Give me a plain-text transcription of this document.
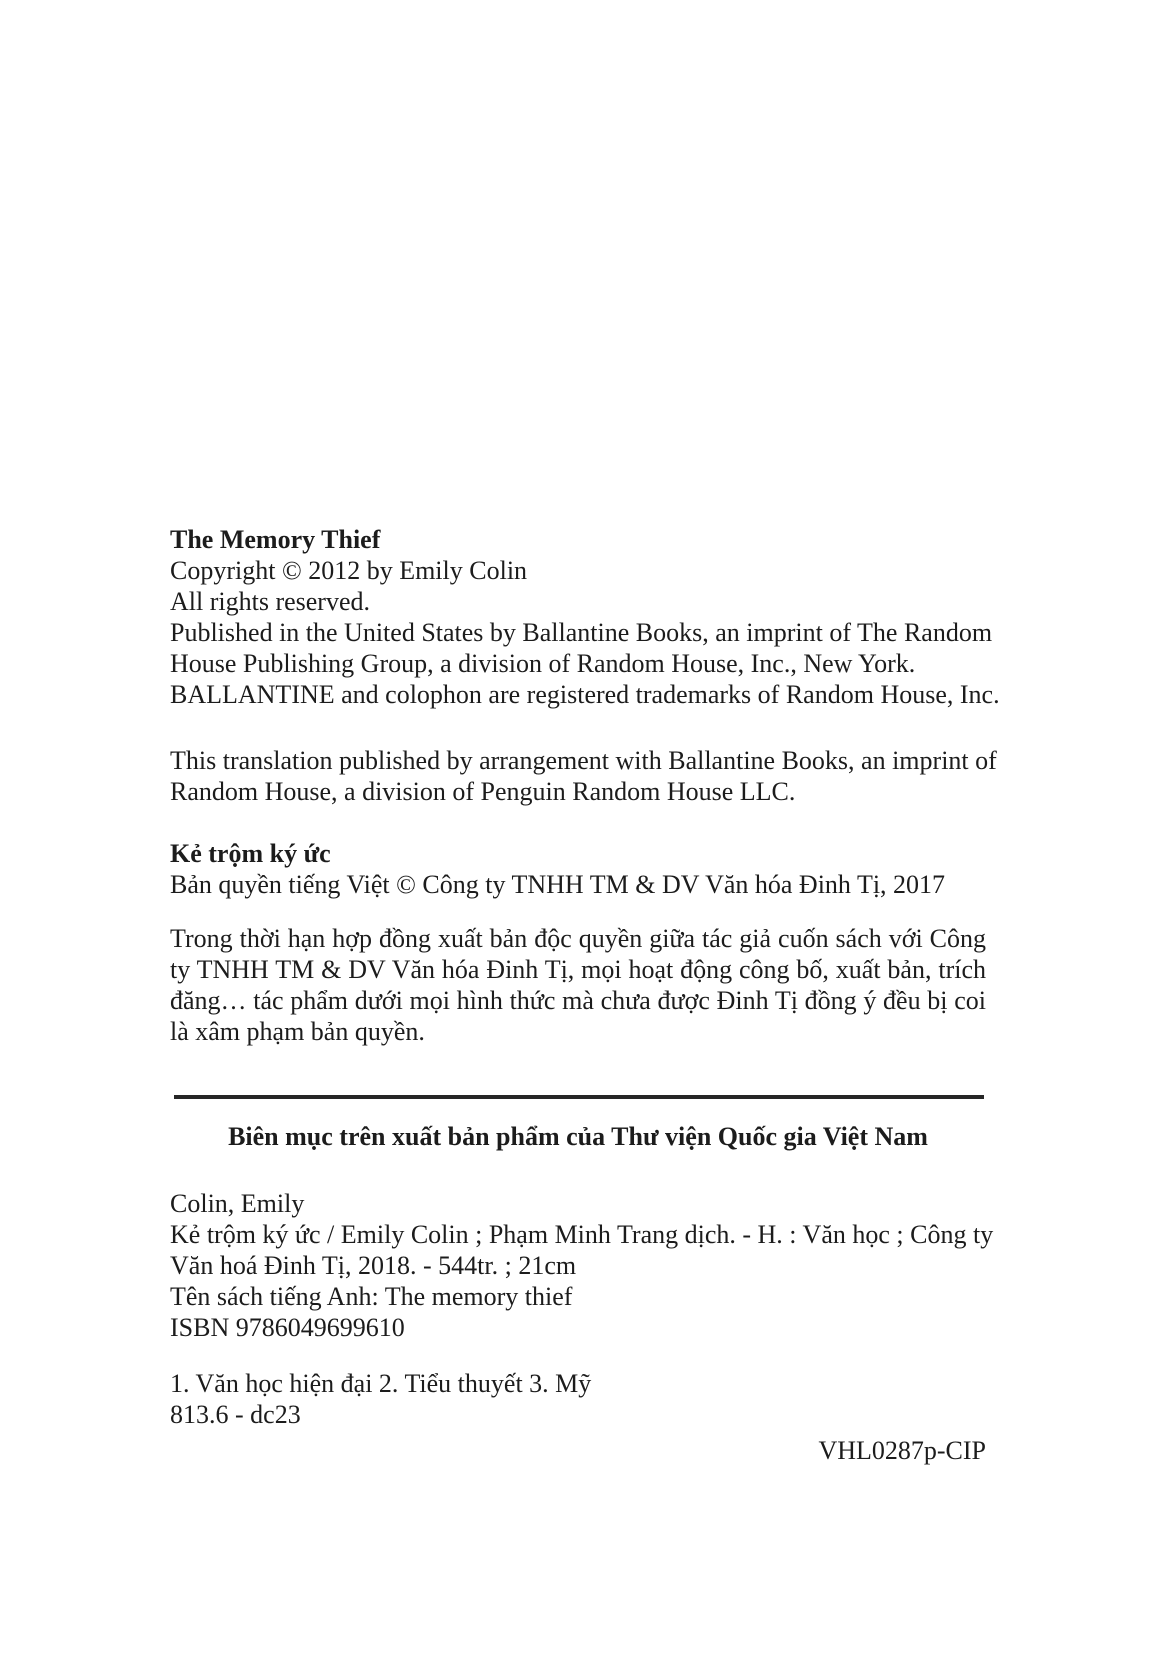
The Memory Thief
Copyright © 2012 by Emily Colin
All rights reserved.
Published in the United States by Ballantine Books, an imprint of The Random
House Publishing Group, a division of Random House, Inc., New York.
BALLANTINE and colophon are registered trademarks of Random House, Inc.
This translation published by arrangement with Ballantine Books, an imprint of
Random House, a division of Penguin Random House LLC.
Kẻ trộm ký ức
Bản quyền tiếng Việt © Công ty TNHH TM & DV Văn hóa Đinh Tị, 2017
Trong thời hạn hợp đồng xuất bản độc quyền giữa tác giả cuốn sách với Công
ty TNHH TM & DV Văn hóa Đinh Tị, mọi hoạt động công bố, xuất bản, trích
đăng… tác phẩm dưới mọi hình thức mà chưa được Đinh Tị đồng ý đều bị coi
là xâm phạm bản quyền.
Biên mục trên xuất bản phẩm của Thư viện Quốc gia Việt Nam
Colin, Emily
Kẻ trộm ký ức / Emily Colin ; Phạm Minh Trang dịch. - H. : Văn học ; Công ty
Văn hoá Đinh Tị, 2018. - 544tr. ; 21cm
Tên sách tiếng Anh: The memory thief
ISBN 9786049699610
1. Văn học hiện đại 2. Tiểu thuyết 3. Mỹ
813.6 - dc23
VHL0287p-CIP
